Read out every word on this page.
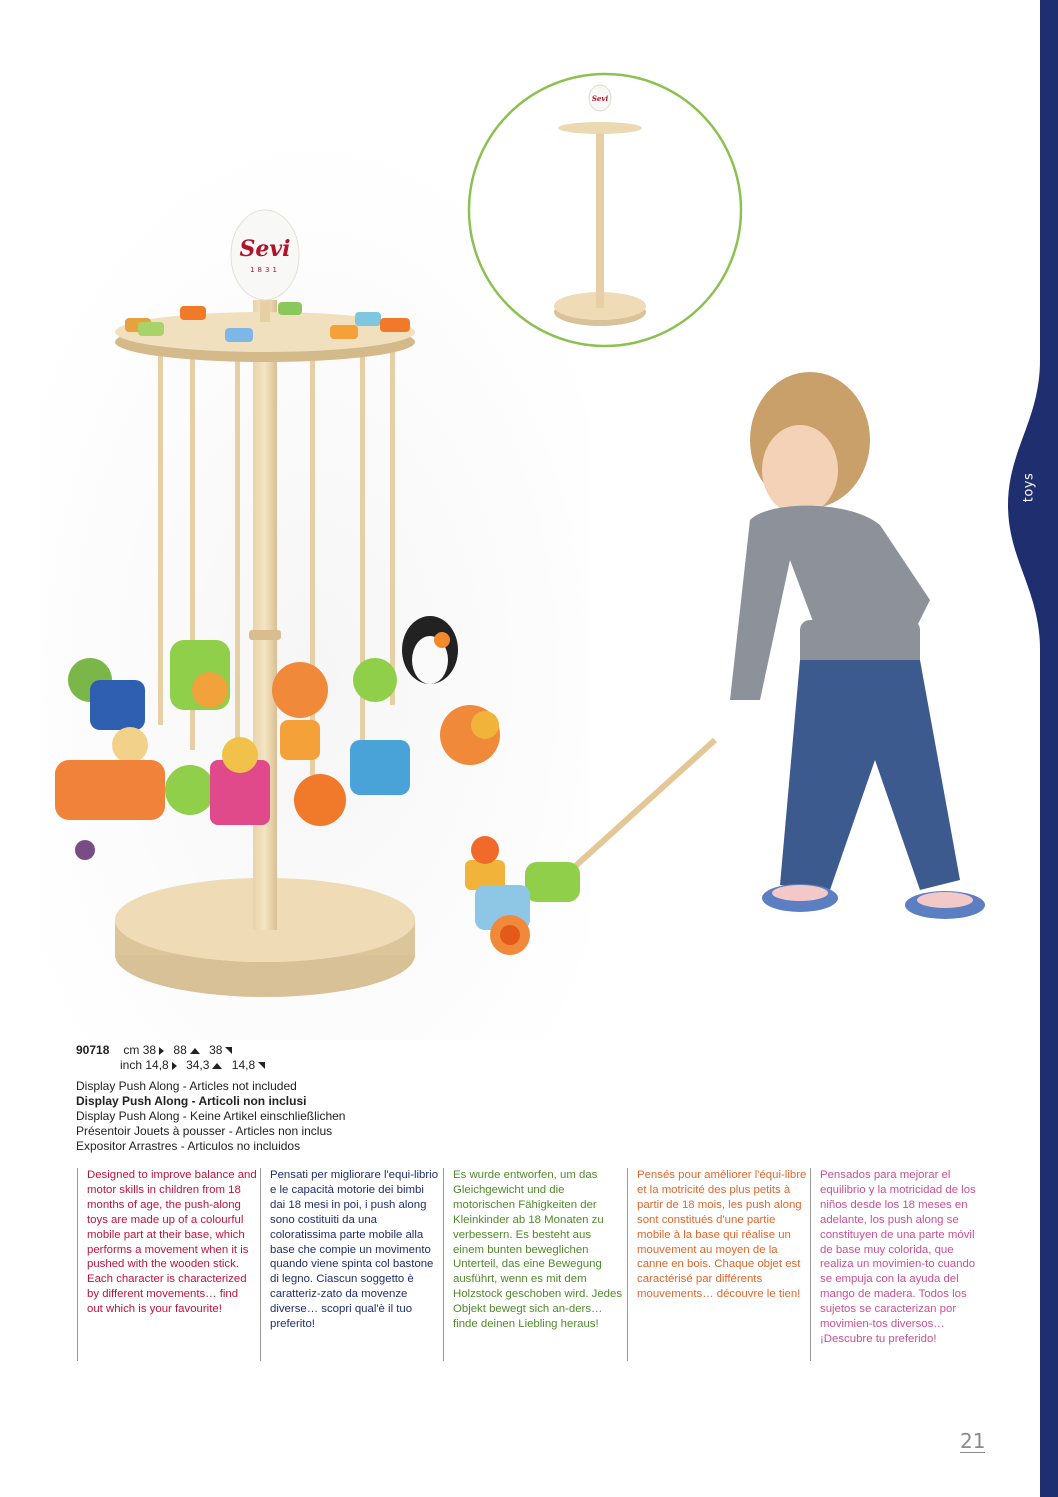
toys
Sevi
1831
Sevi
90718 cm 38 88 38
inch 14,8 34,3 14,8
Display Push Along - Articles not included
Display Push Along - Articoli non inclusi
Display Push Along - Keine Artikel einschließlichen
Présentoir Jouets à pousser - Articles non inclus
Expositor Arrastres - Articulos no incluidos
Designed to improve balance and motor skills in children from 18 months of age, the push-along toys are made up of a colourful mobile part at their base, which performs a movement when it is pushed with the wooden stick. Each character is characterized by different movements… find out which is your favourite!
Pensati per migliorare l'equi-librio e le capacità motorie dei bimbi dai 18 mesi in poi, i push along sono costituiti da una coloratissima parte mobile alla base che compie un movimento quando viene spinta col bastone di legno. Ciascun soggetto è caratteriz-zato da movenze diverse… scopri qual'è il tuo preferito!
Es wurde entworfen, um das Gleichgewicht und die motorischen Fähigkeiten der Kleinkinder ab 18 Monaten zu verbessern. Es besteht aus einem bunten beweglichen Unterteil, das eine Bewegung ausführt, wenn es mit dem Holzstock geschoben wird. Jedes Objekt bewegt sich an-ders… finde deinen Liebling heraus!
Pensés pour améliorer l'équi-libre et la motricité des plus petits à partir de 18 mois, les push along sont constitués d'une partie mobile à la base qui réalise un mouvement au moyen de la canne en bois. Chaque objet est caractérisé par différents mouvements… découvre le tien!
Pensados para mejorar el equilibrio y la motricidad de los niños desde los 18 meses en adelante, los push along se constituyen de una parte móvil de base muy colorida, que realiza un movimien-to cuando se empuja con la ayuda del mango de madera. Todos los sujetos se caracterizan por movimien-tos diversos… ¡Descubre tu preferido!
21
